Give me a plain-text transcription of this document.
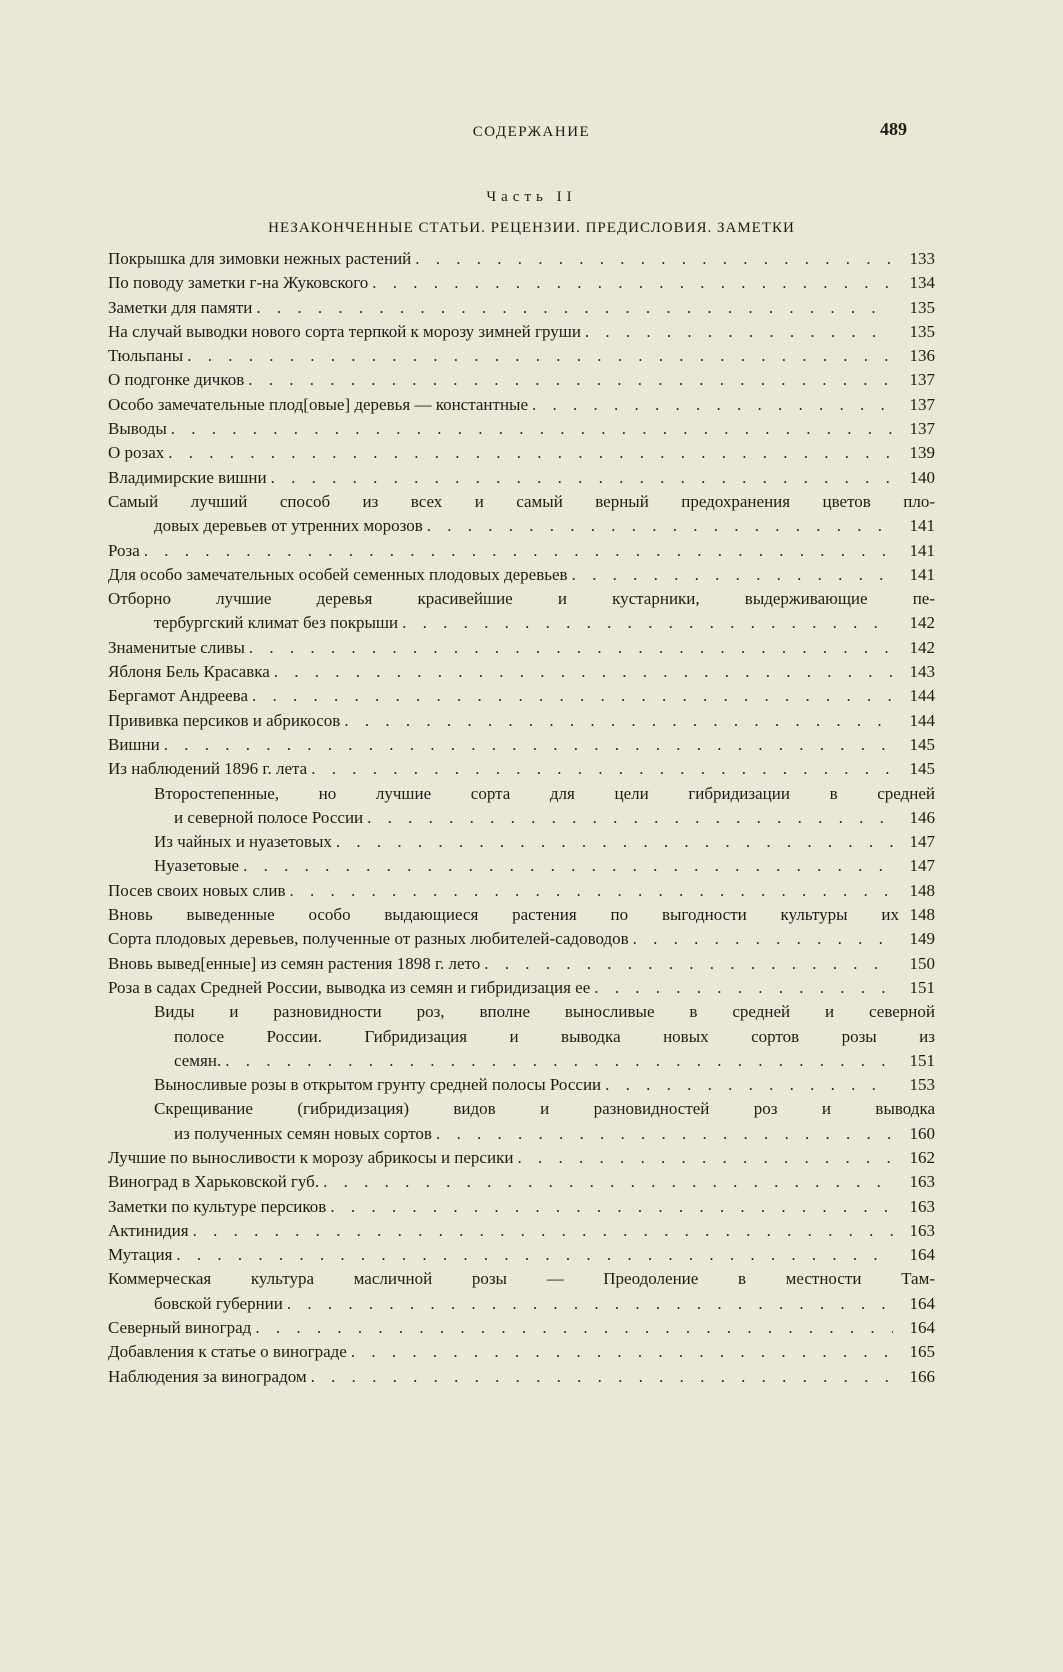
СОДЕРЖАНИЕ	489
Часть II
НЕЗАКОНЧЕННЫЕ СТАТЬИ. РЕЦЕНЗИИ. ПРЕДИСЛОВИЯ. ЗАМЕТКИ
Покрышка для зимовки нежных растений . . .	133
По поводу заметки г-на Жуковского . . .	134
Заметки для памяти . . .	135
На случай выводки нового сорта терпкой к морозу зимней груши . . .	135
Тюльпаны . . .	136
О подгонке дичков . . .	137
Особо замечательные плод[овые] деревья — константные . . .	137
Выводы . . .	137
О розах . . .	139
Владимирские вишни . . .	140
Самый лучший способ из всех и самый верный предохранения цветов пло-
довых деревьев от утренних морозов . . .	141
Роза . . .	141
Для особо замечательных особей семенных плодовых деревьев . . .	141
Отборно лучшие деревья красивейшие и кустарники, выдерживающие пе-
тербургский климат без покрыши . . .	142
Знаменитые сливы . . .	142
Яблоня Бель Красавка . . .	143
Бергамот Андреева . . .	144
Прививка персиков и абрикосов . . .	144
Вишни . . .	145
Из наблюдений 1896 г. лета . . .	145
Второстепенные, но лучшие сорта для цели гибридизации в средней
и северной полосе России . . .	146
Из чайных и нуазетовых . . .	147
Нуазетовые . . .	147
Посев своих новых слив . . .	148
Вновь выведенные особо выдающиеся растения по выгодности культуры их 148
Сорта плодовых деревьев, полученные от разных любителей-садоводов . . .	149
Вновь вывед[енные] из семян растения 1898 г. лето . . .	150
Роза в садах Средней России, выводка из семян и гибридизация ее . . .	151
Виды и разновидности роз, вполне выносливые в средней и северной
полосе России. Гибридизация и выводка новых сортов розы из
семян. . . .	151
Выносливые розы в открытом грунту средней полосы России . . .	153
Скрещивание (гибридизация) видов и разновидностей роз и выводка
из полученных семян новых сортов . . .	160
Лучшие по выносливости к морозу абрикосы и персики . . .	162
Виноград в Харьковской губ. . . .	163
Заметки по культуре персиков . . .	163
Актинидия . . .	163
Мутация . . .	164
Коммерческая культура масличной розы — Преодоление в местности Там-
бовской губернии . . .	164
Северный виноград . . .	164
Добавления к статье о винограде . . .	165
Наблюдения за виноградом . . .	166
